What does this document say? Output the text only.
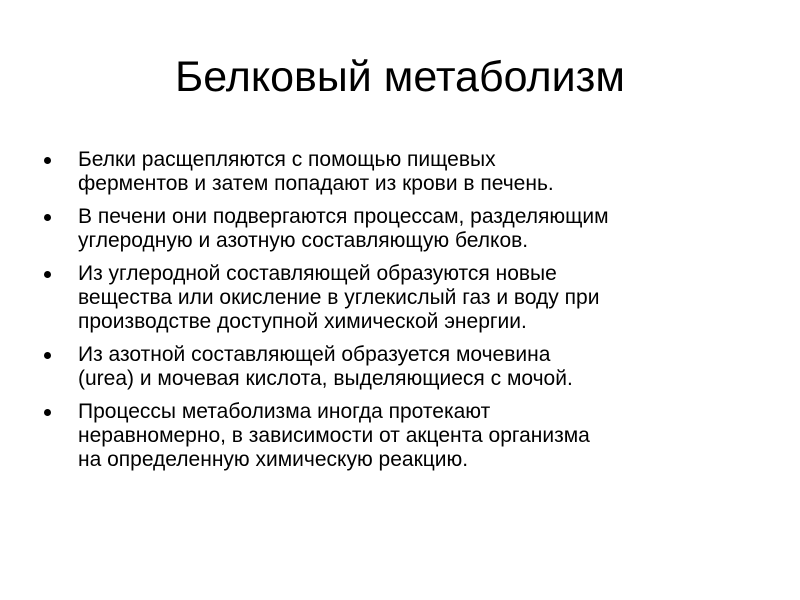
Белковый метаболизм
Белки расщепляются с помощью пищевых
ферментов и затем попадают из крови в печень.
В печени они подвергаются процессам, разделяющим
углеродную и азотную составляющую белков.
Из углеродной составляющей образуются новые
вещества или окисление в углекислый газ и воду при
производстве доступной химической энергии.
Из азотной составляющей образуется мочевина
(urea) и мочевая кислота, выделяющиеся с мочой.
Процессы метаболизма иногда протекают
неравномерно, в зависимости от акцента организма
на определенную химическую реакцию.
